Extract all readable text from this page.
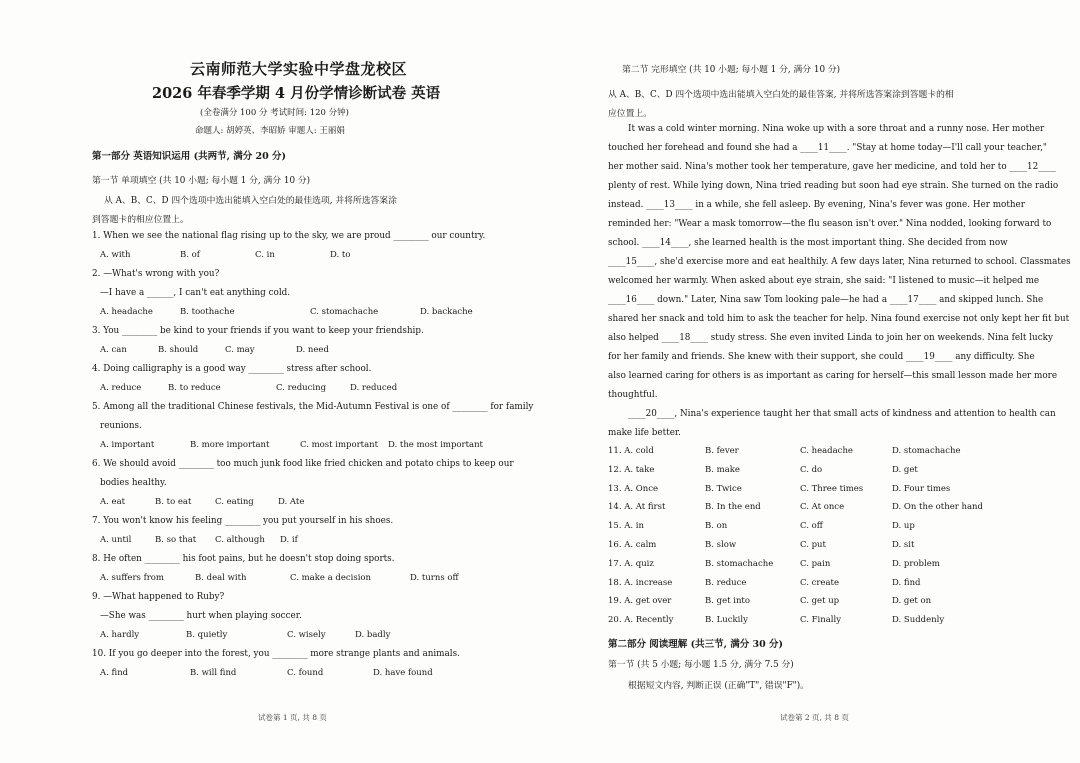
云南师范大学实验中学盘龙校区
2026 年春季学期 4 月份学情诊断试卷 英语
(全卷满分 100 分 考试时间: 120 分钟)
命题人: 胡婷英、李昭娇 审题人: 王丽娟
第一部分 英语知识运用 (共两节, 满分 20 分)
第一节 单项填空 (共 10 小题; 每小题 1 分, 满分 10 分)
从 A、B、C、D 四个选项中选出能填入空白处的最佳选项, 并将所选答案涂
到答题卡的相应位置上。
1. When we see the national flag rising up to the sky, we are proud ________ our country.
A. with	B. of	C. in	D. to
2. —What's wrong with you?
—I have a ______, I can't eat anything cold.
A. headache	B. toothache	C. stomachache	D. backache
3. You ________ be kind to your friends if you want to keep your friendship.
A. can	B. should	C. may	D. need
4. Doing calligraphy is a good way ________ stress after school.
A. reduce	B. to reduce	C. reducing	D. reduced
5. Among all the traditional Chinese festivals, the Mid-Autumn Festival is one of ________ for family
reunions.
A. important	B. more important	C. most important D. the most important
6. We should avoid ________ too much junk food like fried chicken and potato chips to keep our
bodies healthy.
A. eat	B. to eat	C. eating	D. Ate
7. You won't know his feeling ________ you put yourself in his shoes.
A. until	B. so that C. although D. if
8. He often ________ his foot pains, but he doesn't stop doing sports.
A. suffers from	B. deal with	C. make a decision	D. turns off
9. —What happened to Ruby?
—She was ________ hurt when playing soccer.
A. hardly	B. quietly	C. wisely	D. badly
10. If you go deeper into the forest, you ________ more strange plants and animals.
A. find	B. will find	C. found	D. have found
试卷第 1 页, 共 8 页
第二节 完形填空 (共 10 小题; 每小题 1 分, 满分 10 分)
从 A、B、C、D 四个选项中选出能填入空白处的最佳答案, 并将所选答案涂到答题卡的相
应位置上。
It was a cold winter morning. Nina woke up with a sore throat and a runny nose. Her mother
touched her forehead and found she had a ____11____. "Stay at home today—I'll call your teacher,"
her mother said. Nina's mother took her temperature, gave her medicine, and told her to ____12____
plenty of rest. While lying down, Nina tried reading but soon had eye strain. She turned on the radio
instead. ____13____ in a while, she fell asleep. By evening, Nina's fever was gone. Her mother
reminded her: "Wear a mask tomorrow—the flu season isn't over." Nina nodded, looking forward to
school. ____14____, she learned health is the most important thing. She decided from now
____15____, she'd exercise more and eat healthily. A few days later, Nina returned to school. Classmates
welcomed her warmly. When asked about eye strain, she said: "I listened to music—it helped me
____16____ down." Later, Nina saw Tom looking pale—he had a ____17____ and skipped lunch. She
shared her snack and told him to ask the teacher for help. Nina found exercise not only kept her fit but
also helped ____18____ study stress. She even invited Linda to join her on weekends. Nina felt lucky
for her family and friends. She knew with their support, she could ____19____ any difficulty. She
also learned caring for others is as important as caring for herself—this small lesson made her more
thoughtful.
____20____, Nina's experience taught her that small acts of kindness and attention to health can
make life better.
11. A. cold	B. fever	C. headache	D. stomachache
12. A. take	B. make	C. do	D. get
13. A. Once	B. Twice	C. Three times	D. Four times
14. A. At first	B. In the end	C. At once	D. On the other hand
15. A. in	B. on	C. off	D. up
16. A. calm	B. slow	C. put	D. sit
17. A. quiz	B. stomachache	C. pain	D. problem
18. A. increase	B. reduce	C. create	D. find
19. A. get over	B. get into	C. get up	D. get on
20. A. Recently	B. Luckily	C. Finally	D. Suddenly
第二部分 阅读理解 (共三节, 满分 30 分)
第一节 (共 5 小题; 每小题 1.5 分, 满分 7.5 分)
根据短文内容, 判断正误 (正确"T", 错误"F")。
试卷第 2 页, 共 8 页
